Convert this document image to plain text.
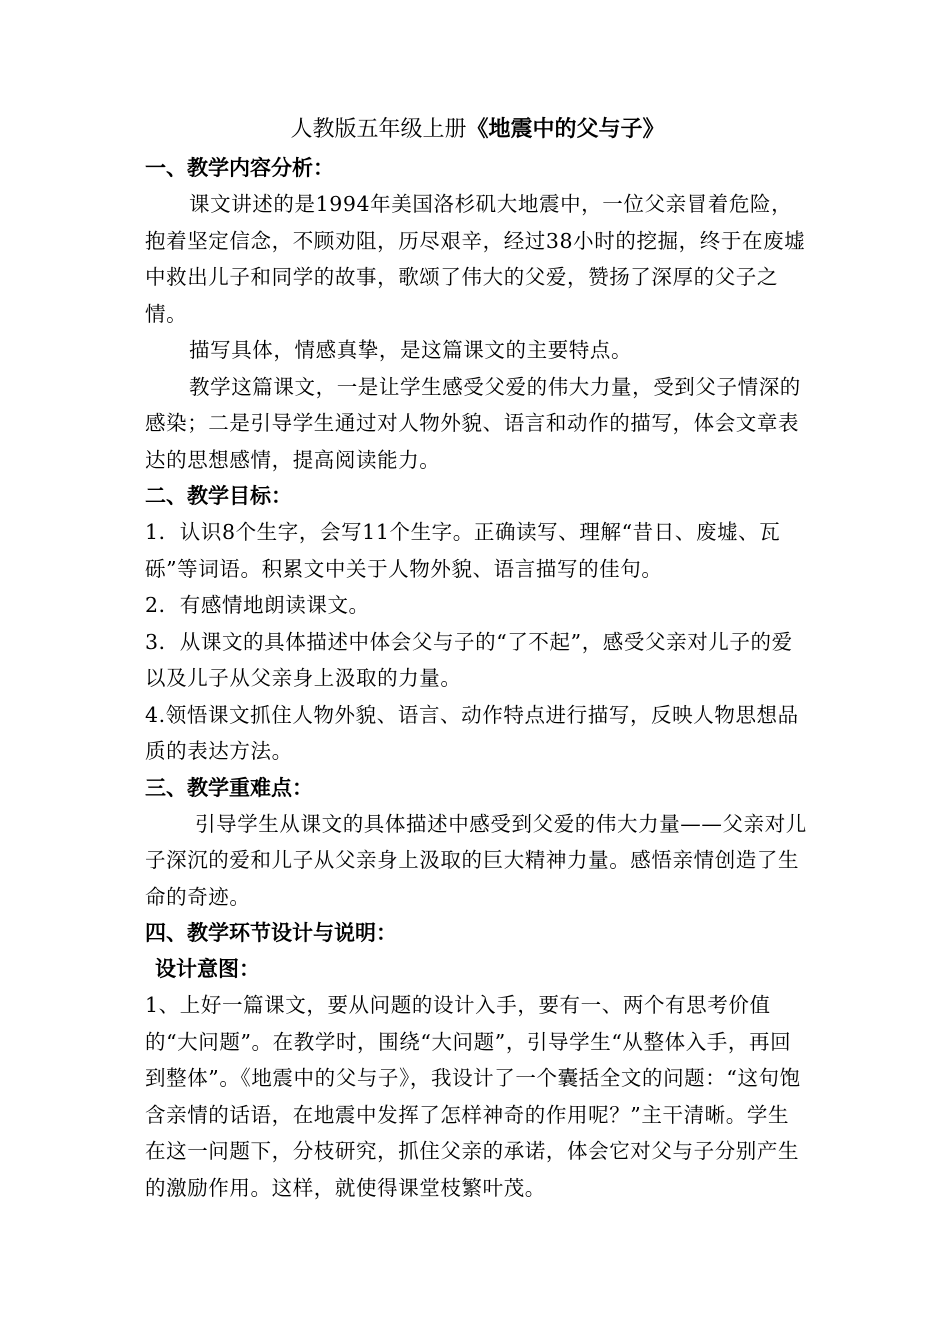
人教版五年级上册《地震中的父与子》
一、教学内容分析：

课文讲述的是1994年美国洛杉矶大地震中，一位父亲冒着危险，抱着坚定信念，不顾劝阻，历尽艰辛，经过38小时的挖掘，终于在废墟中救出儿子和同学的故事，歌颂了伟大的父爱，赞扬了深厚的父子之情。

描写具体，情感真挚，是这篇课文的主要特点。

教学这篇课文，一是让学生感受父爱的伟大力量，受到父子情深的感染；二是引导学生通过对人物外貌、语言和动作的描写，体会文章表达的思想感情，提高阅读能力。

二、教学目标：

1．认识8个生字，会写11个生字。正确读写、理解“昔日、废墟、瓦砾”等词语。积累文中关于人物外貌、语言描写的佳句。

2．有感情地朗读课文。

3．从课文的具体描述中体会父与子的“了不起”，感受父亲对儿子的爱以及儿子从父亲身上汲取的力量。

4.领悟课文抓住人物外貌、语言、动作特点进行描写，反映人物思想品质的表达方法。

三、教学重难点：

引导学生从课文的具体描述中感受到父爱的伟大力量——父亲对儿子深沉的爱和儿子从父亲身上汲取的巨大精神力量。感悟亲情创造了生命的奇迹。

四、教学环节设计与说明：
设计意图：

1、上好一篇课文，要从问题的设计入手，要有一、两个有思考价值的“大问题”。在教学时，围绕“大问题”，引导学生“从整体入手，再回到整体”。《地震中的父与子》，我设计了一个囊括全文的问题：“这句饱含亲情的话语，在地震中发挥了怎样神奇的作用呢？”主干清晰。学生在这一问题下，分枝研究，抓住父亲的承诺，体会它对父与子分别产生的激励作用。这样，就使得课堂枝繁叶茂。
